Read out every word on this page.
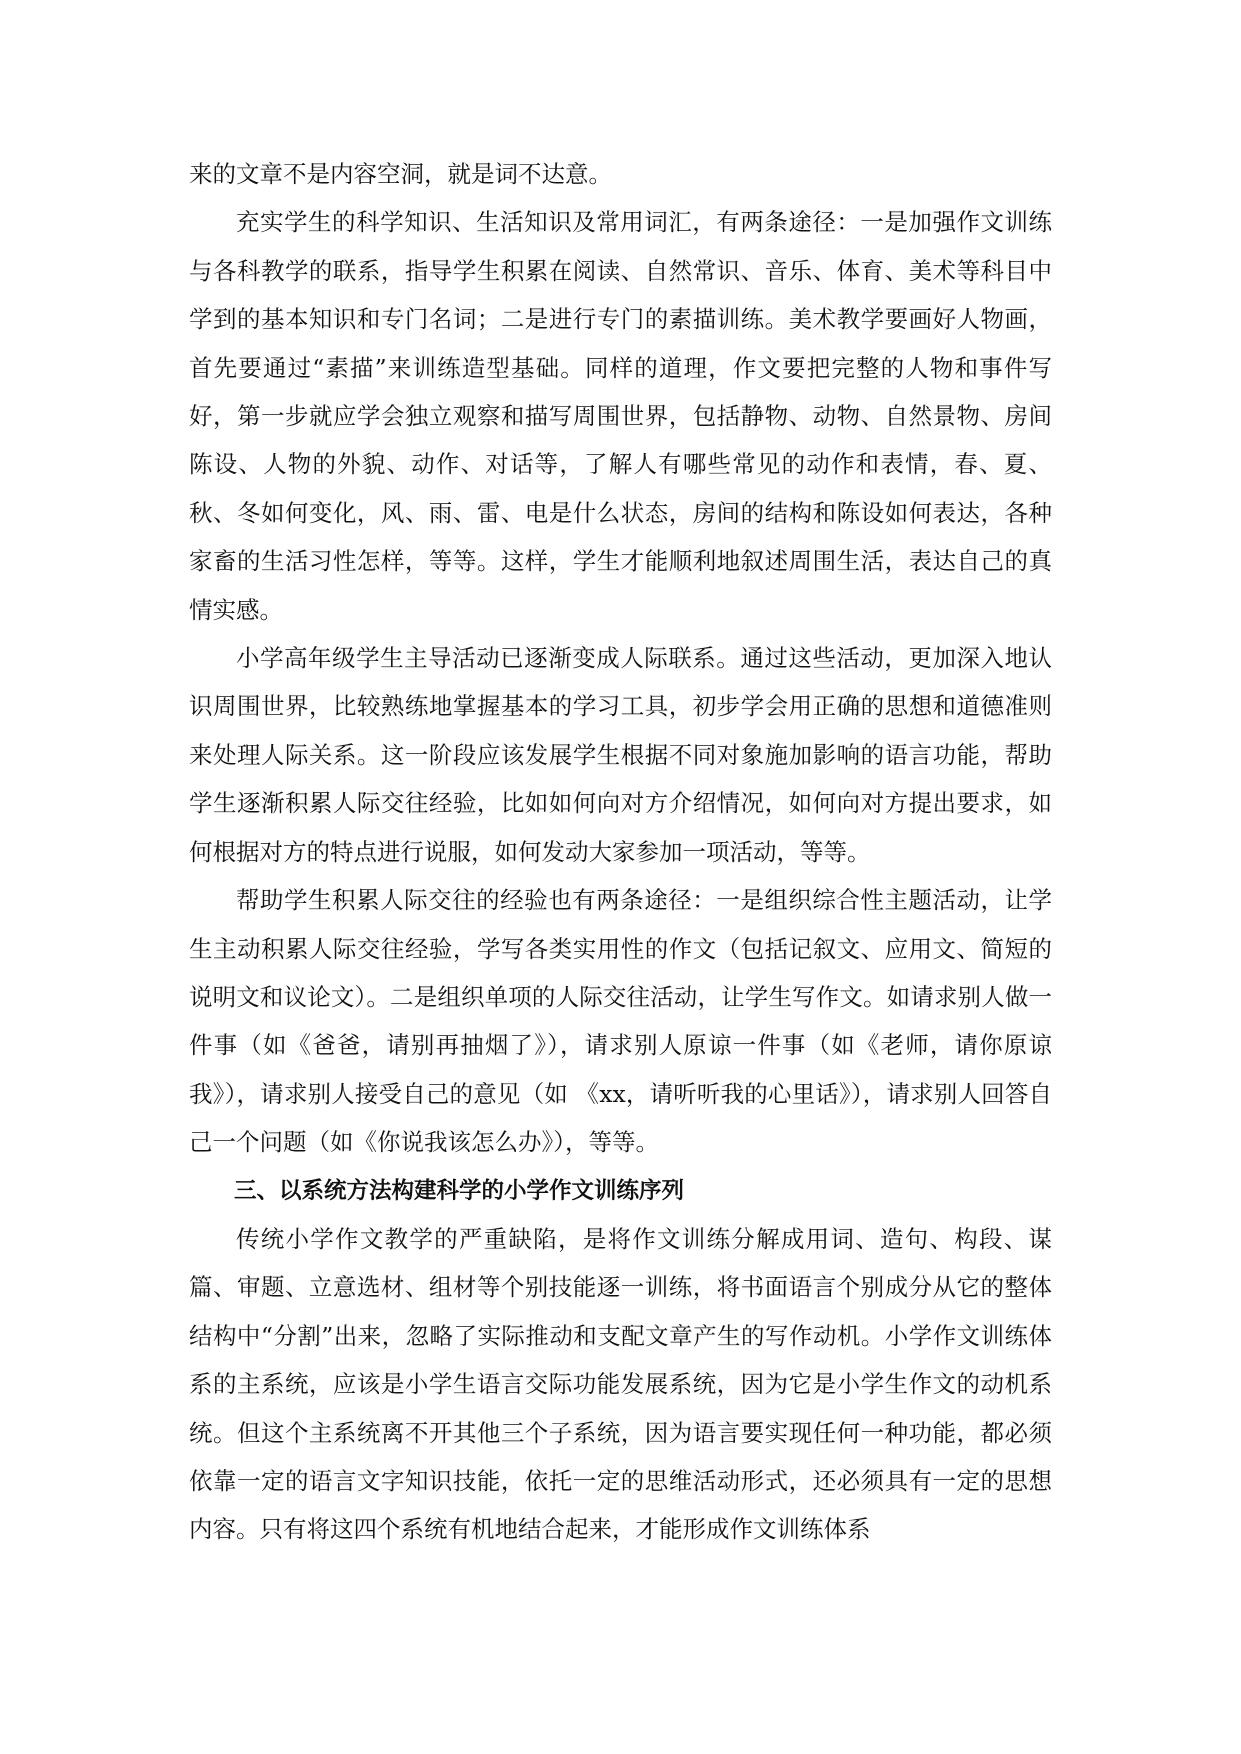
来的文章不是内容空洞，就是词不达意。

充实学生的科学知识、生活知识及常用词汇，有两条途径：一是加强作文训练与各科教学的联系，指导学生积累在阅读、自然常识、音乐、体育、美术等科目中学到的基本知识和专门名词；二是进行专门的素描训练。美术教学要画好人物画，首先要通过“素描”来训练造型基础。同样的道理，作文要把完整的人物和事件写好，第一步就应学会独立观察和描写周围世界，包括静物、动物、自然景物、房间陈设、人物的外貌、动作、对话等，了解人有哪些常见的动作和表情，春、夏、秋、冬如何变化，风、雨、雷、电是什么状态，房间的结构和陈设如何表达，各种家畜的生活习性怎样，等等。这样，学生才能顺利地叙述周围生活，表达自己的真情实感。

小学高年级学生主导活动已逐渐变成人际联系。通过这些活动，更加深入地认识周围世界，比较熟练地掌握基本的学习工具，初步学会用正确的思想和道德准则来处理人际关系。这一阶段应该发展学生根据不同对象施加影响的语言功能，帮助学生逐渐积累人际交往经验，比如如何向对方介绍情况，如何向对方提出要求，如何根据对方的特点进行说服，如何发动大家参加一项活动，等等。

帮助学生积累人际交往的经验也有两条途径：一是组织综合性主题活动，让学生主动积累人际交往经验，学写各类实用性的作文（包括记叙文、应用文、简短的说明文和议论文）。二是组织单项的人际交往活动，让学生写作文。如请求别人做一件事（如《爸爸，请别再抽烟了》），请求别人原谅一件事（如《老师，请你原谅我》），请求别人接受自己的意见（如 《xx，请听听我的心里话》），请求别人回答自己一个问题（如《你说我该怎么办》），等等。

三、以系统方法构建科学的小学作文训练序列

传统小学作文教学的严重缺陷，是将作文训练分解成用词、造句、构段、谋篇、审题、立意选材、组材等个别技能逐一训练，将书面语言个别成分从它的整体结构中“分割”出来，忽略了实际推动和支配文章产生的写作动机。小学作文训练体系的主系统，应该是小学生语言交际功能发展系统，因为它是小学生作文的动机系统。但这个主系统离不开其他三个子系统，因为语言要实现任何一种功能，都必须依靠一定的语言文字知识技能，依托一定的思维活动形式，还必须具有一定的思想内容。只有将这四个系统有机地结合起来，才能形成作文训练体系
